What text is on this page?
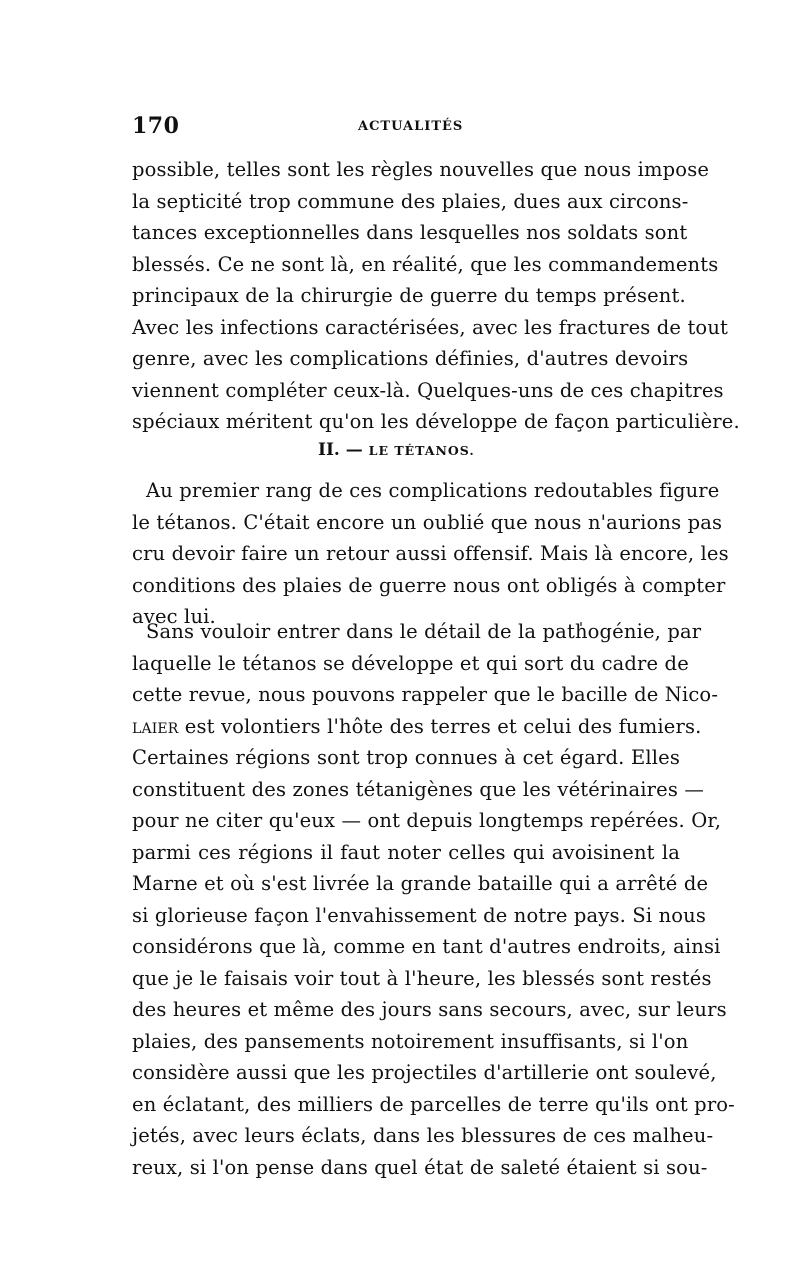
170	ACTUALITÉS
possible, telles sont les règles nouvelles que nous impose
la septicité trop commune des plaies, dues aux circons-
tances exceptionnelles dans lesquelles nos soldats sont
blessés. Ce ne sont là, en réalité, que les commandements
principaux de la chirurgie de guerre du temps présent.
Avec les infections caractérisées, avec les fractures de tout
genre, avec les complications définies, d'autres devoirs
viennent compléter ceux-là. Quelques-uns de ces chapitres
spéciaux méritent qu'on les développe de façon particulière.
II. — LE TÉTANOS.
Au premier rang de ces complications redoutables figure
le tétanos. C'était encore un oublié que nous n'aurions pas
cru devoir faire un retour aussi offensif. Mais là encore, les
conditions des plaies de guerre nous ont obligés à compter
avec lui.
Sans vouloir entrer dans le détail de la pathogénie, par
laquelle le tétanos se développe et qui sort du cadre de
cette revue, nous pouvons rappeler que le bacille de Nico-
laier est volontiers l'hôte des terres et celui des fumiers.
Certaines régions sont trop connues à cet égard. Elles
constituent des zones tétanigènes que les vétérinaires —
pour ne citer qu'eux — ont depuis longtemps repérées. Or,
parmi ces régions il faut noter celles qui avoisinent la
Marne et où s'est livrée la grande bataille qui a arrêté de
si glorieuse façon l'envahissement de notre pays. Si nous
considérons que là, comme en tant d'autres endroits, ainsi
que je le faisais voir tout à l'heure, les blessés sont restés
des heures et même des jours sans secours, avec, sur leurs
plaies, des pansements notoirement insuffisants, si l'on
considère aussi que les projectiles d'artillerie ont soulevé,
en éclatant, des milliers de parcelles de terre qu'ils ont pro-
jetés, avec leurs éclats, dans les blessures de ces malheu-
reux, si l'on pense dans quel état de saleté étaient si sou-
